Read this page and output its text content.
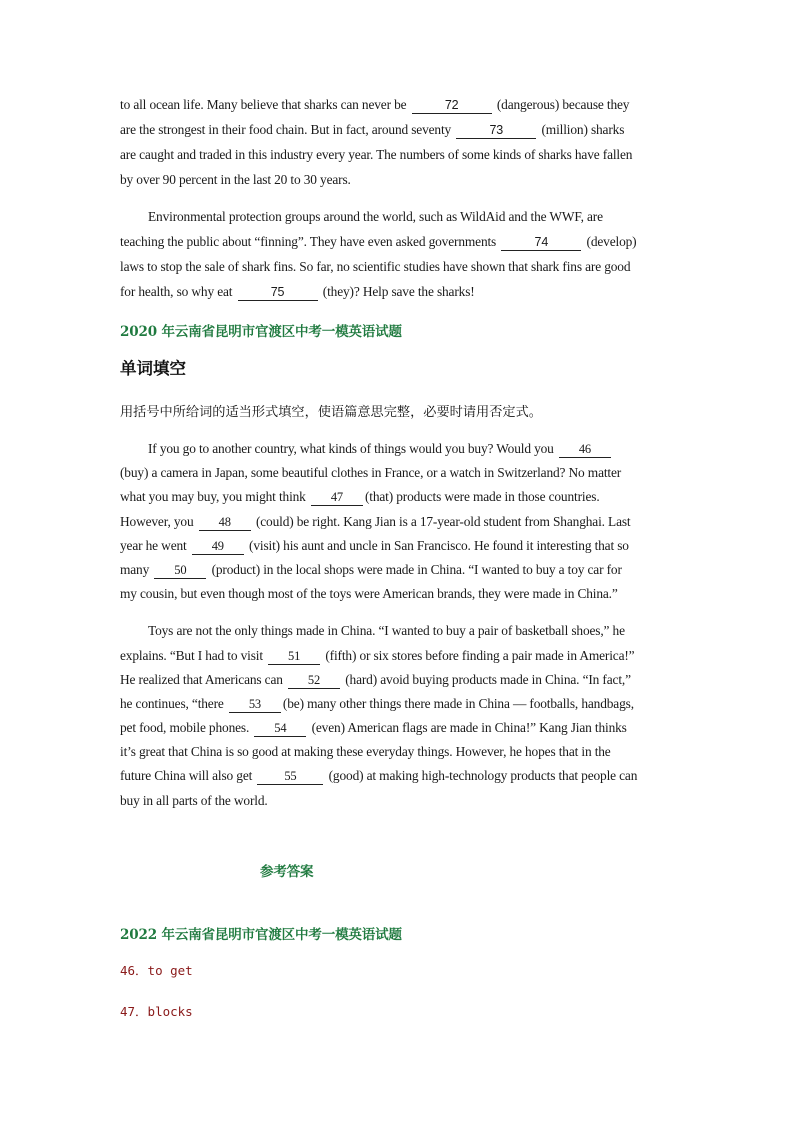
to all ocean life. Many believe that sharks can never be	72	(dangerous) because they
are the strongest in their food chain. But in fact, around seventy	73	(million) sharks
are caught and traded in this industry every year. The numbers of some kinds of sharks have fallen
by over 90 percent in the last 20 to 30 years.
Environmental protection groups around the world, such as WildAid and the WWF, are
teaching the public about “finning”. They have even asked governments	74	(develop)
laws to stop the sale of shark fins. So far, no scientific studies have shown that shark fins are good
for health, so why eat	75	(they)? Help save the sharks!
2020 年云南省昆明市官渡区中考一模英语试题
单词填空
用括号中所给词的适当形式填空，使语篇意思完整，必要时请用否定式。
If you go to another country, what kinds of things would you buy? Would you 46
(buy) a camera in Japan, some beautiful clothes in France, or a watch in Switzerland? No matter
what you may buy, you might think 47 (that) products were made in those countries.
However, you 48 (could) be right. Kang Jian is a 17-year-old student from Shanghai. Last
year he went 49 (visit) his aunt and uncle in San Francisco. He found it interesting that so
many 50 (product) in the local shops were made in China. “I wanted to buy a toy car for
my cousin, but even though most of the toys were American brands, they were made in China.”
Toys are not the only things made in China. “I wanted to buy a pair of basketball shoes,” he
explains. “But I had to visit 51 (fifth) or six stores before finding a pair made in America!”
He realized that Americans can 52 (hard) avoid buying products made in China. “In fact,”
he continues, “there 53 (be) many other things there made in China — footballs, handbags,
pet food, mobile phones. 54 (even) American flags are made in China!” Kang Jian thinks
it’s great that China is so good at making these everyday things. However, he hopes that in the
future China will also get	55 (good) at making high-technology products that people can
buy in all parts of the world.
参考答案
2022 年云南省昆明市官渡区中考一模英语试题
46．to get
47．blocks
